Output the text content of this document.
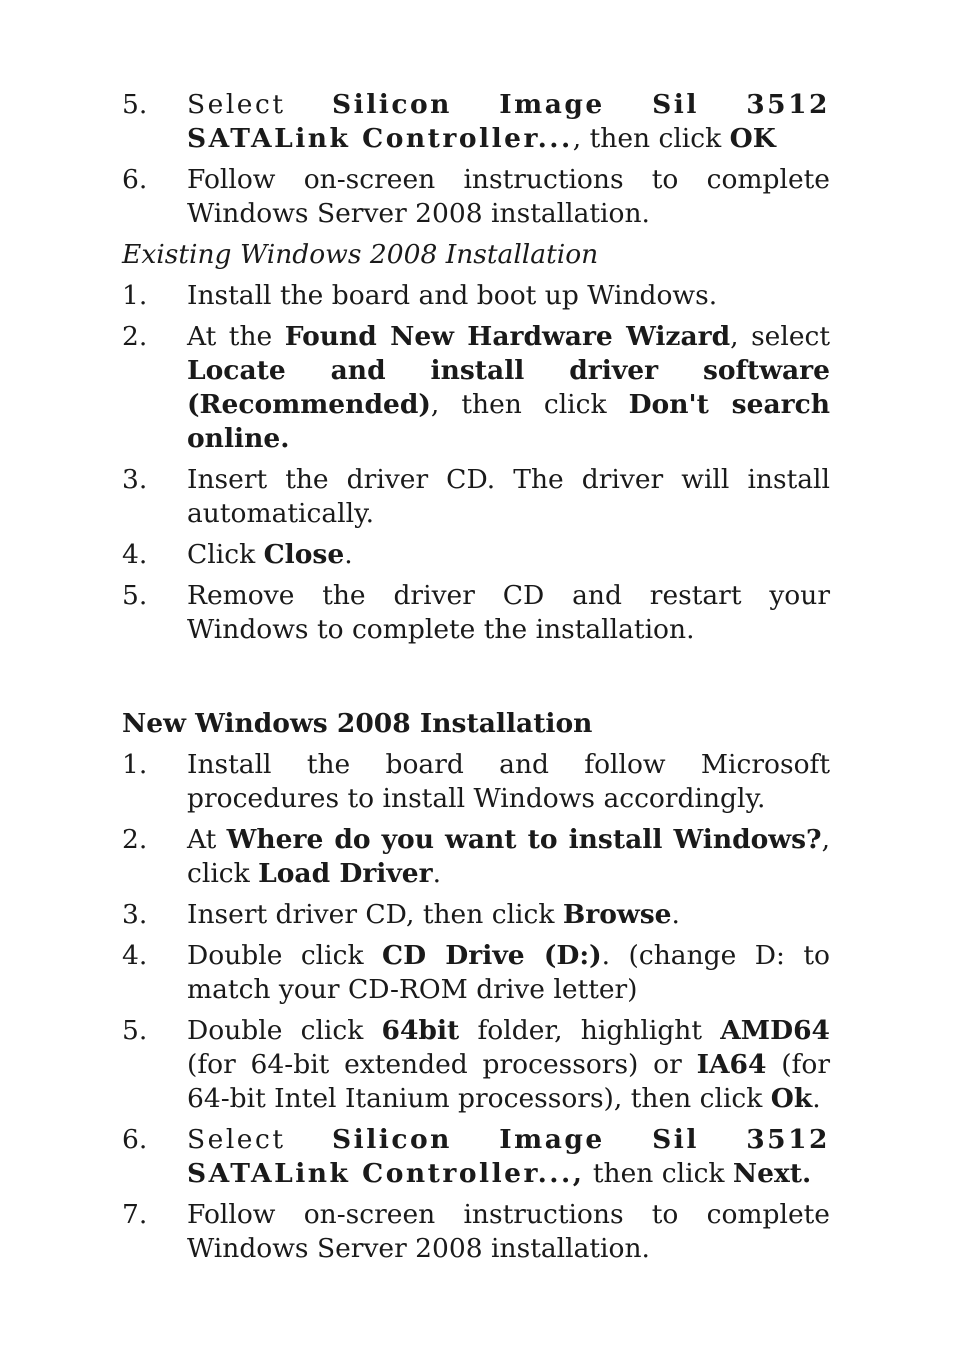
5. Select Silicon Image Sil 3512 SATALink Controller..., then click OK
6. Follow on-screen instructions to complete Windows Server 2008 installation.
Existing Windows 2008 Installation
1. Install the board and boot up Windows.
2. At the Found New Hardware Wizard, select Locate and install driver software (Recommended), then click Don't search online.
3. Insert the driver CD. The driver will install automatically.
4. Click Close.
5. Remove the driver CD and restart your Windows to complete the installation.
New Windows 2008 Installation
1. Install the board and follow Microsoft procedures to install Windows accordingly.
2. At Where do you want to install Windows?, click Load Driver.
3. Insert driver CD, then click Browse.
4. Double click CD Drive (D:). (change D: to match your CD-ROM drive letter)
5. Double click 64bit folder, highlight AMD64 (for 64-bit extended processors) or IA64 (for 64-bit Intel Itanium processors), then click Ok.
6. Select Silicon Image Sil 3512 SATALink Controller..., then click Next.
7. Follow on-screen instructions to complete Windows Server 2008 installation.
